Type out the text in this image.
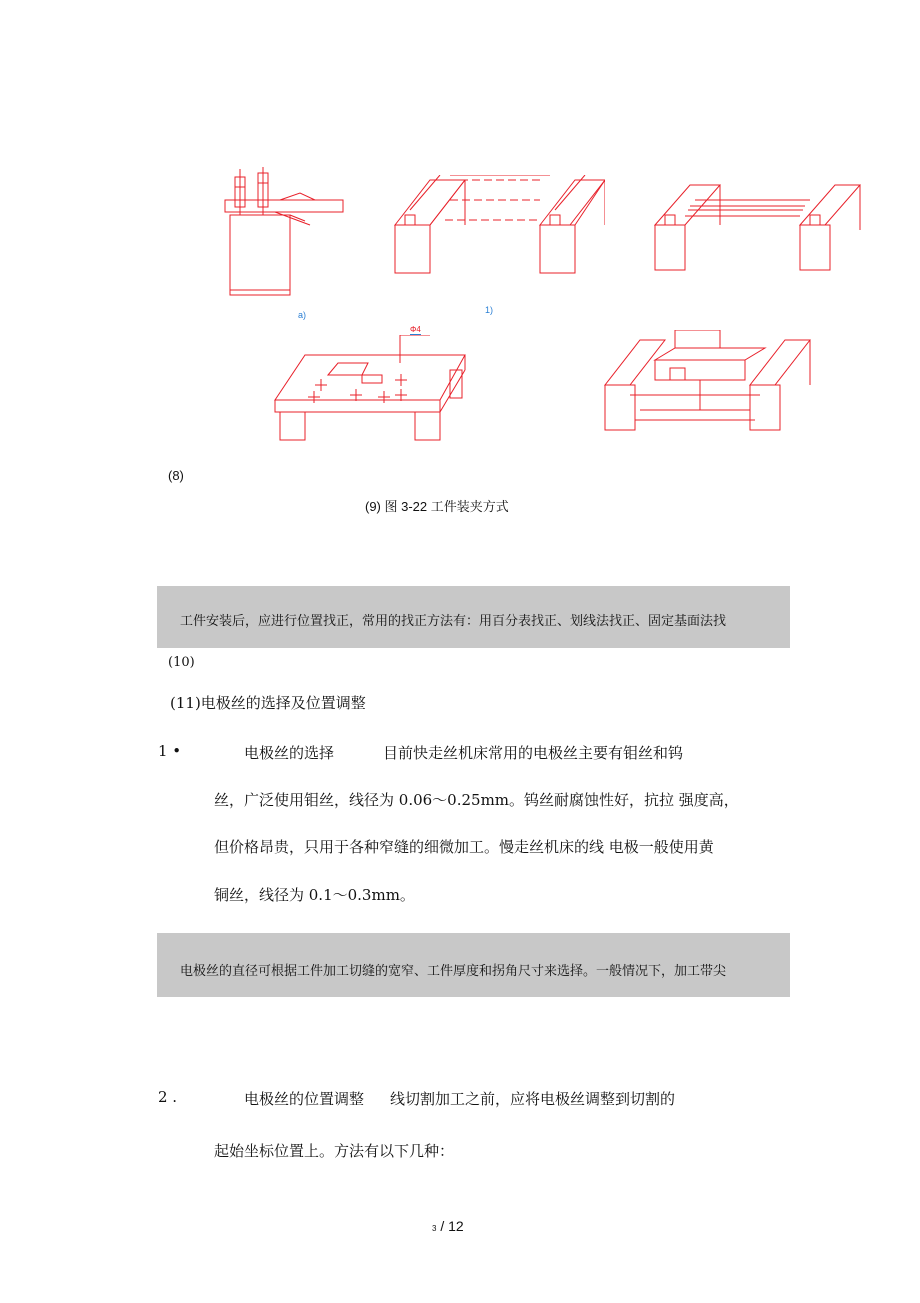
a)	1)
Φ4
(8)
(9) 图 3-22 工件装夹方式
工件安装后，应进行位置找正，常用的找正方法有：用百分表找正、划线法找正、固定基面法找
(10)
(11)电极丝的选择及位置调整
1 •	电极丝的选择	目前快走丝机床常用的电极丝主要有钼丝和钨
丝，广泛使用钼丝，线径为 0.06～0.25mm。钨丝耐腐蚀性好，抗拉 强度高，
但价格昂贵，只用于各种窄缝的细微加工。慢走丝机床的线 电极一般使用黄
铜丝，线径为 0.1～0.3mm。
电极丝的直径可根据工件加工切缝的宽窄、工件厚度和拐角尺寸来选择。一般情况下，加工带尖
2 .	电极丝的位置调整 线切割加工之前，应将电极丝调整到切割的
起始坐标位置上。方法有以下几种：
3 / 12
